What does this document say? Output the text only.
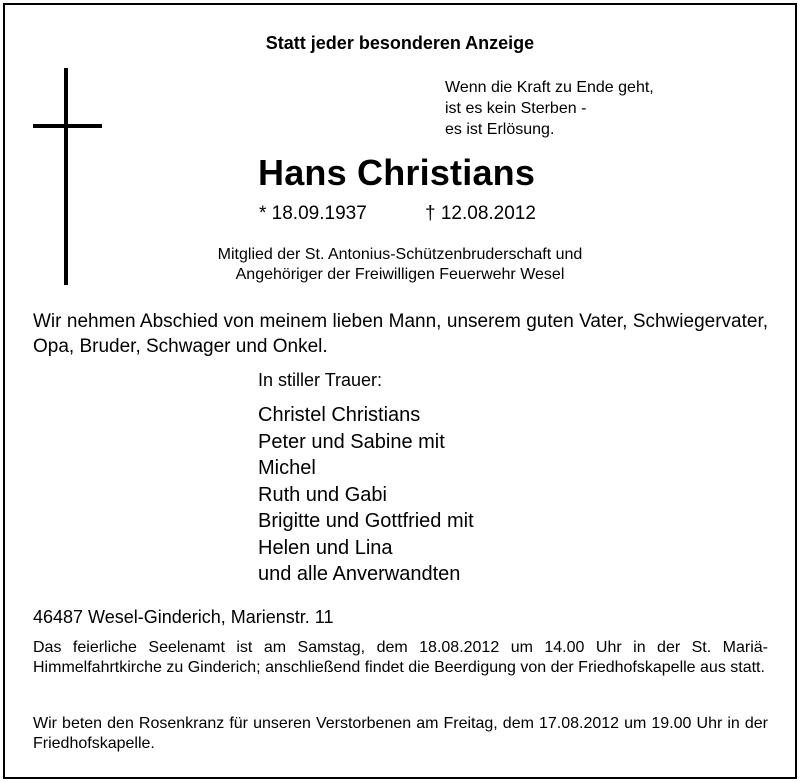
Statt jeder besonderen Anzeige
Wenn die Kraft zu Ende geht,
ist es kein Sterben -
es ist Erlösung.
Hans Christians
* 18.09.1937	† 12.08.2012
Mitglied der St. Antonius-Schützenbruderschaft und
Angehöriger der Freiwilligen Feuerwehr Wesel
Wir nehmen Abschied von meinem lieben Mann, unserem guten Vater, Schwiegervater, Opa, Bruder, Schwager und Onkel.
In stiller Trauer:
Christel Christians
Peter und Sabine mit
Michel
Ruth und Gabi
Brigitte und Gottfried mit
Helen und Lina
und alle Anverwandten
46487 Wesel-Ginderich, Marienstr. 11
Das feierliche Seelenamt ist am Samstag, dem 18.08.2012 um 14.00 Uhr in der St. Mariä-Himmelfahrtkirche zu Ginderich; anschließend findet die Beerdigung von der Friedhofskapelle aus statt.
Wir beten den Rosenkranz für unseren Verstorbenen am Freitag, dem 17.08.2012 um 19.00 Uhr in der Friedhofskapelle.
